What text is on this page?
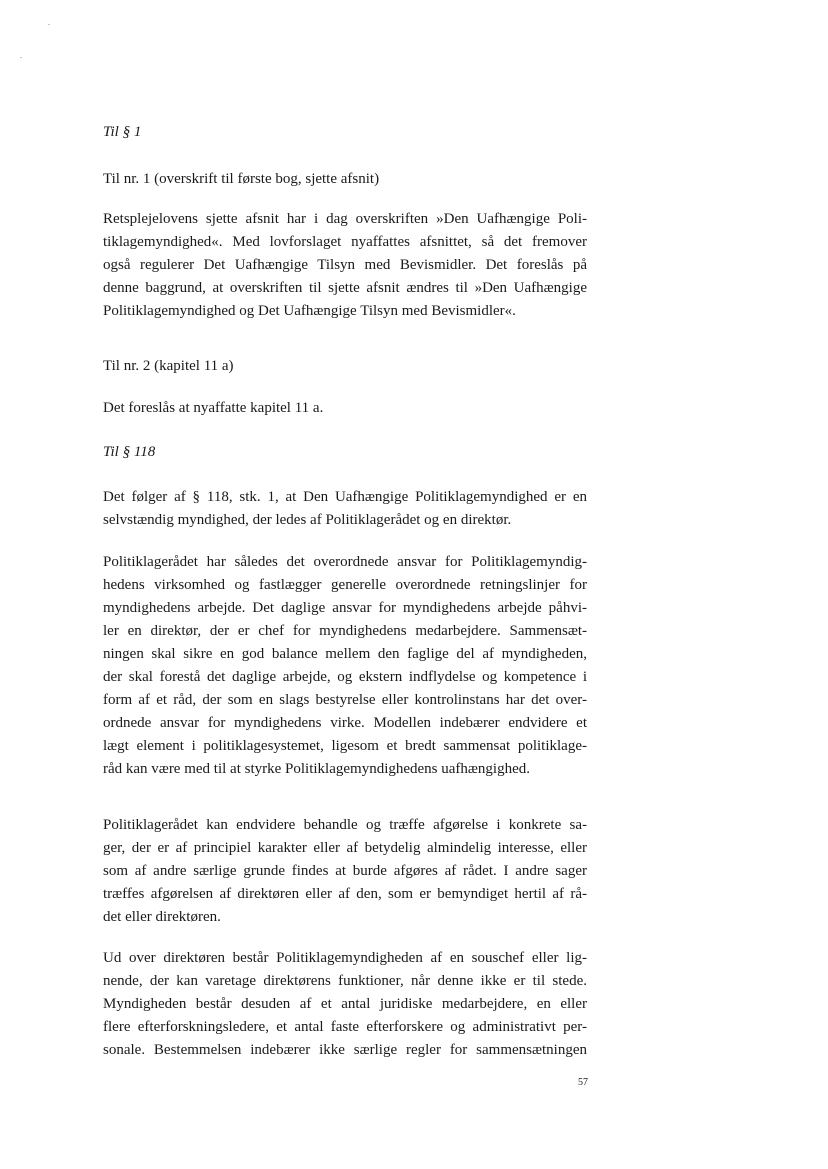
Til § 1

Til nr. 1 (overskrift til første bog, sjette afsnit)

Retsplejelovens sjette afsnit har i dag overskriften »Den Uafhængige Poli-
tiklagemyndighed«. Med lovforslaget nyaffattes afsnittet, så det fremover
også regulerer Det Uafhængige Tilsyn med Bevismidler. Det foreslås på
denne baggrund, at overskriften til sjette afsnit ændres til »Den Uafhængige
Politiklagemyndighed og Det Uafhængige Tilsyn med Bevismidler«.

Til nr. 2 (kapitel 11 a)

Det foreslås at nyaffatte kapitel 11 a.

Til § 118

Det følger af § 118, stk. 1, at Den Uafhængige Politiklagemyndighed er en
selvstændig myndighed, der ledes af Politiklagerådet og en direktør.
Politiklagerådet har således det overordnede ansvar for Politiklagemyndig-
hedens virksomhed og fastlægger generelle overordnede retningslinjer for
myndighedens arbejde. Det daglige ansvar for myndighedens arbejde påhvi-
ler en direktør, der er chef for myndighedens medarbejdere. Sammensæt-
ningen skal sikre en god balance mellem den faglige del af myndigheden,
der skal forestå det daglige arbejde, og ekstern indflydelse og kompetence i
form af et råd, der som en slags bestyrelse eller kontrolinstans har det over-
ordnede ansvar for myndighedens virke. Modellen indebærer endvidere et
lægt element i politiklagesystemet, ligesom et bredt sammensat politiklage-
råd kan være med til at styrke Politiklagemyndighedens uafhængighed.
Politiklagerådet kan endvidere behandle og træffe afgørelse i konkrete sa-
ger, der er af principiel karakter eller af betydelig almindelig interesse, eller
som af andre særlige grunde findes at burde afgøres af rådet. I andre sager
træffes afgørelsen af direktøren eller af den, som er bemyndiget hertil af rå-
det eller direktøren.
Ud over direktøren består Politiklagemyndigheden af en souschef eller lig-
nende, der kan varetage direktørens funktioner, når denne ikke er til stede.
Myndigheden består desuden af et antal juridiske medarbejdere, en eller
flere efterforskningsledere, et antal faste efterforskere og administrativt per-
sonale. Bestemmelsen indebærer ikke særlige regler for sammensætningen

57
